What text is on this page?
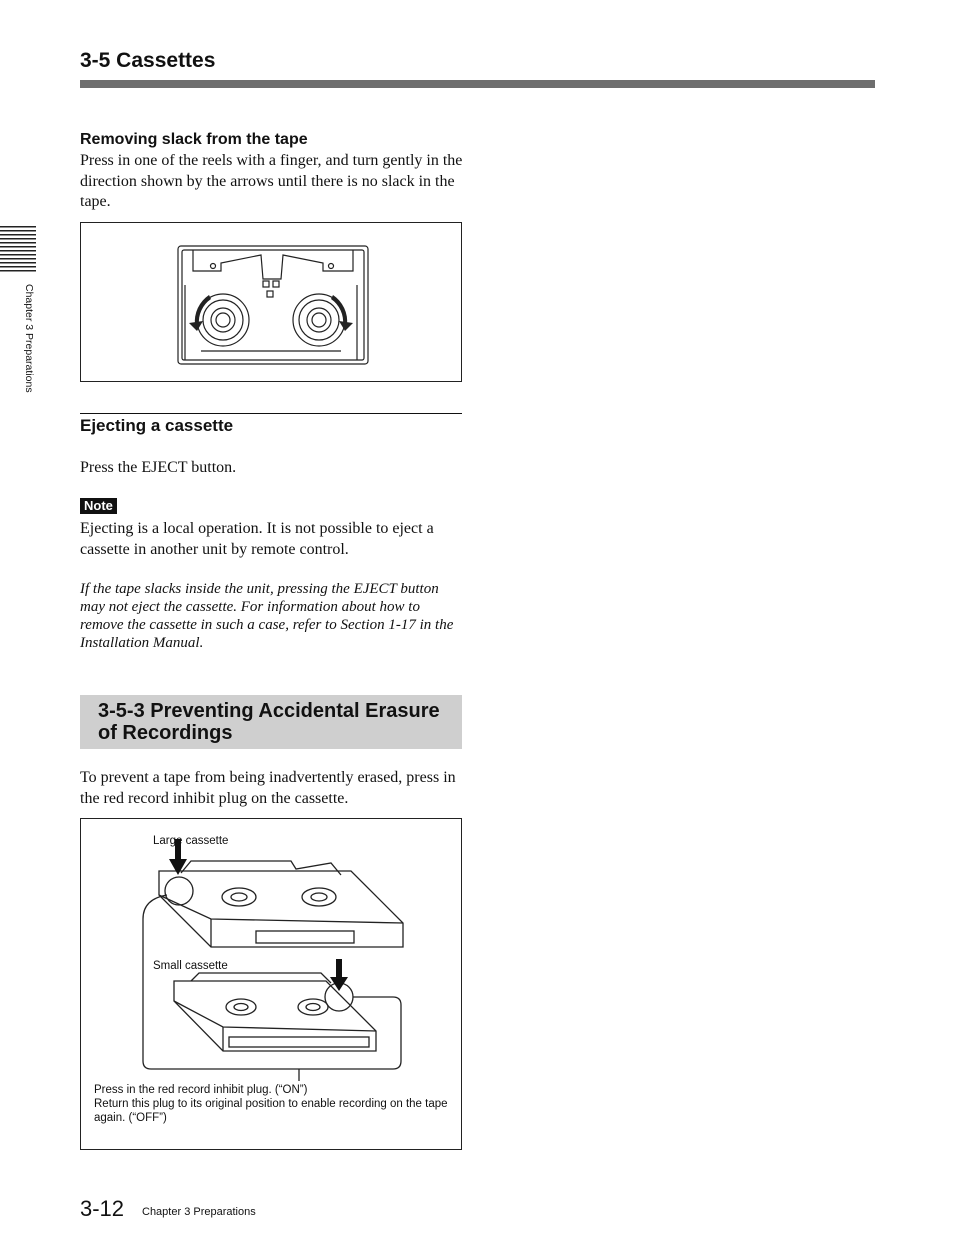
3-5 Cassettes
Chapter 3 Preparations
Removing slack from the tape
Press in one of the reels with a finger, and turn gently in the direction shown by the arrows until there is no slack in the tape.
Ejecting a cassette
Press the EJECT button.
Note
Ejecting is a local operation. It is not possible to eject a cassette in another unit by remote control.
If the tape slacks inside the unit, pressing the EJECT button may not eject the cassette. For information about how to remove the cassette in such a case, refer to Section 1-17 in the Installation Manual.
3-5-3 Preventing Accidental Erasure of Recordings
To prevent a tape from being inadvertently erased, press in the red record inhibit plug on the cassette.
Large cassette
Small cassette
Press in the red record inhibit plug. (“ON”)
Return this plug to its original position to enable recording on the tape again. (“OFF”)
3-12 Chapter 3 Preparations
